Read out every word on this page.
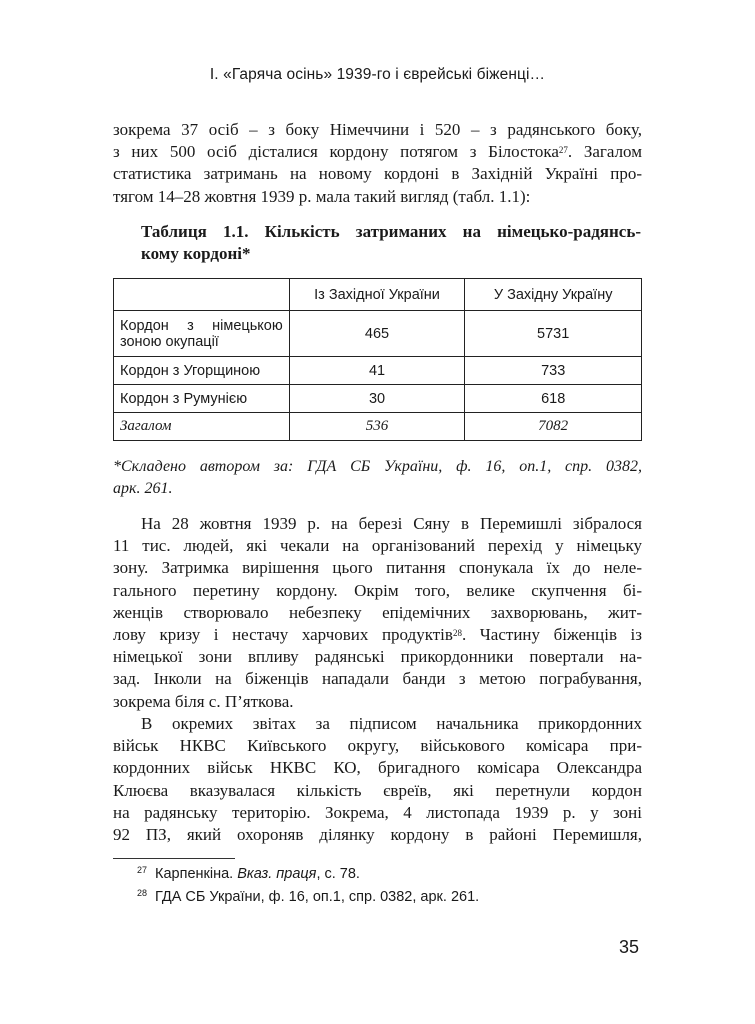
I. «Гаряча осінь» 1939-го і єврейські біженці…
зокрема 37 осіб – з боку Німеччини і 520 – з радянського боку,
з них 500 осіб дісталися кордону потягом з Білостока$^{27}$. Загалом
статистика затримань на новому кордоні в Західній Україні про-
тягом 14–28 жовтня 1939 р. мала такий вигляд (табл. 1.1):
Таблиця 1.1. Кількість затриманих на німецько-радянсь-
кому кордоні*
	Із Західної України	У Західну Україну

Кордон з німецькою
зоною окупації	465	5731
Кордон з Угорщиною	41	733
Кордон з Румунією	30	618
Загалом	536	7082
*Складено автором за: ГДА СБ України, ф. 16, оп.1, спр. 0382,
арк. 261.
На 28 жовтня 1939 р. на березі Сяну в Перемишлі зібралося
11 тис. людей, які чекали на організований перехід у німецьку
зону. Затримка вирішення цього питання спонукала їх до нелe-
гального перетину кордону. Окрім того, велике скупчення бі-
женців створювало небезпеку епідемічних захворювань, жит-
лову кризу і нестачу харчових продуктів$^{28}$. Частину біженців із
німецької зони впливу радянські прикордонники повертали на-
зад. Інколи на біженців нападали банди з метою пограбування,
зокрема біля с. П’яткова.
В окремих звітах за підписом начальника прикордонних
військ НКВС Київського округу, військового комісара при-
кордонних військ НКВС КО, бригадного комісара Олександра
Клюєва вказувалася кількість євреїв, які перетнули кордон
на радянську територію. Зокрема, 4 листопада 1939 р. у зоні
92 ПЗ, який охороняв ділянку кордону в районі Перемишля,
$^{27}$ Карпенкіна. Вказ. праця, с. 78.
$^{28}$ ГДА СБ України, ф. 16, оп.1, спр. 0382, арк. 261.
35
